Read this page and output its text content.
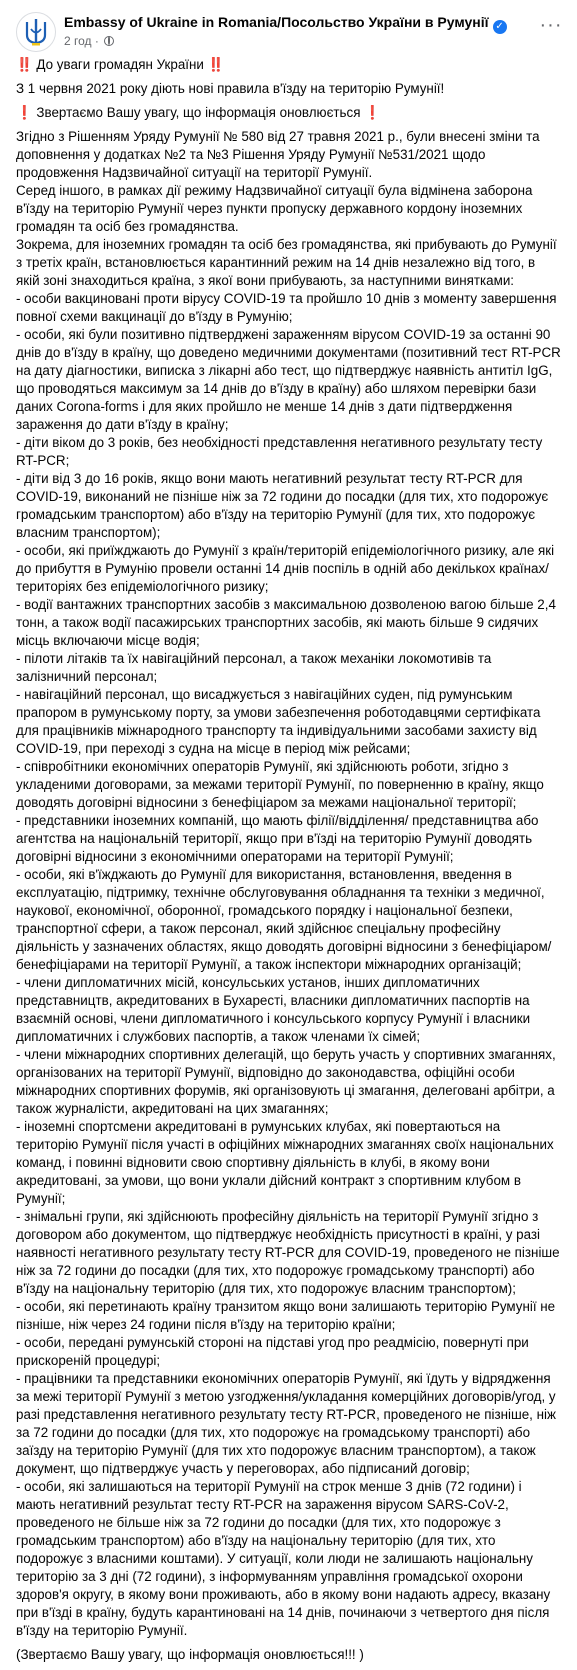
Embassy of Ukraine in Romania/Посольство України в Румунії ✓
2 год ·
···

‼️ До уваги громадян України ‼️

З 1 червня 2021 року діють нові правила в'їзду на територію Румунії!

❗ Звертаємо Вашу увагу, що інформація оновлюється ❗

Згідно з Рішенням Уряду Румунії № 580 від 27 травня 2021 р., були внесені зміни та доповнення у додатках №2 та №3 Рішення Уряду Румунії №531/2021 щодо продовження Надзвичайної ситуації на території Румунії.

Серед іншого, в рамках дії режиму Надзвичайної ситуації була відмінена заборона в'їзду на територію Румунії через пункти пропуску державного кордону іноземних громадян та осіб без громадянства.

Зокрема, для іноземних громадян та осіб без громадянства, які прибувають до Румунії з третіх країн, встановлюється карантинний режим на 14 днів незалежно від того, в якій зоні знаходиться країна, з якої вони прибувають, за наступними винятками:

- особи вакциновані проти вірусу COVID-19 та пройшло 10 днів з моменту завершення повної схеми вакцинації до в'їзду в Румунію;

- особи, які були позитивно підтверджені зараженням вірусом COVID-19 за останні 90 днів до в'їзду в країну, що доведено медичними документами (позитивний тест RT-PCR на дату діагностики, виписка з лікарні або тест, що підтверджує наявність антитіл IgG, що проводяться максимум за 14 днів до в'їзду в країну) або шляхом перевірки бази даних Corona-forms і для яких пройшло не менше 14 днів з дати підтвердження зараження до дати в'їзду в країну;

- діти віком до 3 років, без необхідності представлення негативного результату тесту RT-PCR;

- діти від 3 до 16 років, якщо вони мають негативний результат тесту RT-PCR для COVID-19, виконаний не пізніше ніж за 72 години до посадки (для тих, хто подорожує громадським транспортом) або в'їзду на територію Румунії (для тих, хто подорожує власним транспортом);

- особи, які приїжджають до Румунії з країн/територій епідеміологічного ризику, але які до прибуття в Румунію провели останні 14 днів поспіль в одній або декількох країнах/територіях без епідеміологічного ризику;

- водії вантажних транспортних засобів з максимальною дозволеною вагою більше 2,4 тонн, а також водії пасажирських транспортних засобів, які мають більше 9 сидячих місць включаючи місце водія;

- пілоти літаків та їх навігаційний персонал, а також механіки локомотивів та залізничний персонал;

- навігаційний персонал, що висаджується з навігаційних суден, під румунським прапором в румунському порту, за умови забезпечення роботодавцями сертифіката для працівників міжнародного транспорту та індивідуальними засобами захисту від COVID-19, при переході з судна на місце в період між рейсами;

- співробітники економічних операторів Румунії, які здійснюють роботи, згідно з укладеними договорами, за межами території Румунії, по поверненню в країну, якщо доводять договірні відносини з бенефіціаром за межами національної території;

- представники іноземних компаній, що мають філії/відділення/ представництва або агентства на національній території, якщо при в'їзді на територію Румунії доводять договірні відносини з економічними операторами на території Румунії;

- особи, які в'їжджають до Румунії для використання, встановлення, введення в експлуатацію, підтримку, технічне обслуговування обладнання та техніки з медичної, наукової, економічної, оборонної, громадського порядку і національної безпеки, транспортної сфери, а також персонал, який здійснює спеціальну професійну діяльність у зазначених областях, якщо доводять договірні відносини з бенефіціаром/бенефіціарами на території Румунії, а також інспектори міжнародних організацій;

- члени дипломатичних місій, консульських установ, інших дипломатичних представництв, акредитованих в Бухаресті, власники дипломатичних паспортів на взаємній основі, члени дипломатичного і консульського корпусу Румунії і власники дипломатичних і службових паспортів, а також членами їх сімей;

- члени міжнародних спортивних делегацій, що беруть участь у спортивних змаганнях, організованих на території Румунії, відповідно до законодавства, офіційні особи міжнародних спортивних форумів, які організовують ці змагання, делеговані арбітри, а також журналісти, акредитовані на цих змаганнях;

- іноземні спортсмени акредитовані в румунських клубах, які повертаються на територію Румунії після участі в офіційних міжнародних змаганнях своїх національних команд, і повинні відновити свою спортивну діяльність в клубі, в якому вони акредитовані, за умови, що вони уклали дійсний контракт з спортивним клубом в Румунії;

- знімальні групи, які здійснюють професійну діяльність на території Румунії згідно з договором або документом, що підтверджує необхідність присутності в країні, у разі наявності негативного результату тесту RT-PCR для COVID-19, проведеного не пізніше ніж за 72 години до посадки (для тих, хто подорожує громадському транспорті) або в'їзду на національну територію (для тих, хто подорожує власним транспортом);

- особи, які перетинають країну транзитом якщо вони залишають територію Румунії не пізніше, ніж через 24 години після в'їзду на територію країни;

- особи, передані румунській стороні на підставі угод про реадмісію, повернуті при прискореній процедурі;

- працівники та представники економічних операторів Румунії, які їдуть у відрядження за межі території Румунії з метою узгодження/укладання комерційних договорів/угод, у разі представлення негативного результату тесту RT-PCR, проведеного не пізніше, ніж за 72 години до посадки (для тих, хто подорожує на громадському транспорті) або заїзду на територію Румунії (для тих хто подорожує власним транспортом), а також документ, що підтверджує участь у переговорах, або підписаний договір;

- особи, які залишаються на території Румунії на строк менше 3 днів (72 години) і мають негативний результат тесту RT-PCR на зараження вірусом SARS-CoV-2, проведеного не більше ніж за 72 години до посадки (для тих, хто подорожує з громадським транспортом) або в'їзду на національну територію (для тих, хто подорожує з власними коштами). У ситуації, коли люди не залишають національну територію за 3 дні (72 години), з інформуванням управління громадської охорони здоров'я округу, в якому вони проживають, або в якому вони надають адресу, вказану при в'їзді в країну, будуть карантиновані на 14 днів, починаючи з четвертого дня після в'їзду на територію Румунії.

(Звертаємо Вашу увагу, що інформація оновлюється!!! )
